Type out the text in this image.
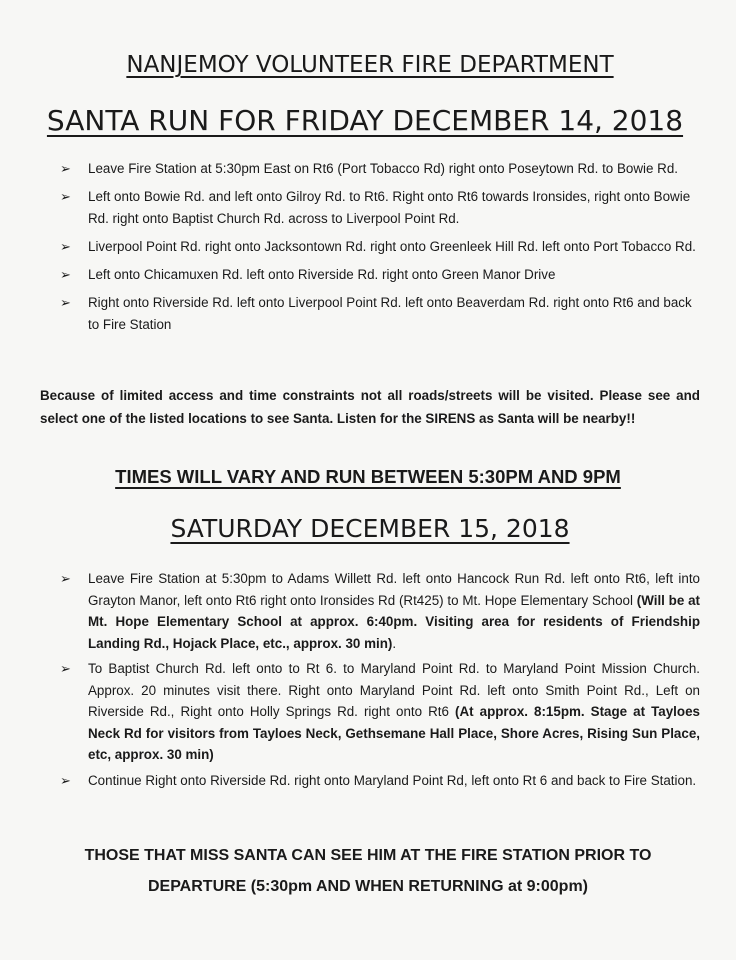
NANJEMOY VOLUNTEER FIRE DEPARTMENT
SANTA RUN FOR FRIDAY DECEMBER 14, 2018
➢ Leave Fire Station at 5:30pm East on Rt6 (Port Tobacco Rd) right onto Poseytown Rd. to Bowie Rd.
➢ Left onto Bowie Rd. and left onto Gilroy Rd. to Rt6. Right onto Rt6 towards Ironsides, right onto Bowie Rd. right onto Baptist Church Rd. across to Liverpool Point Rd.
➢ Liverpool Point Rd. right onto Jacksontown Rd. right onto Greenleek Hill Rd. left onto Port Tobacco Rd.
➢ Left onto Chicamuxen Rd. left onto Riverside Rd. right onto Green Manor Drive
➢ Right onto Riverside Rd. left onto Liverpool Point Rd. left onto Beaverdam Rd. right onto Rt6 and back to Fire Station

Because of limited access and time constraints not all roads/streets will be visited. Please see and select one of the listed locations to see Santa. Listen for the SIRENS as Santa will be nearby!!

TIMES WILL VARY AND RUN BETWEEN 5:30PM AND 9PM
SATURDAY DECEMBER 15, 2018
➢ Leave Fire Station at 5:30pm to Adams Willett Rd. left onto Hancock Run Rd. left onto Rt6, left into Grayton Manor, left onto Rt6 right onto Ironsides Rd (Rt425) to Mt. Hope Elementary School (Will be at Mt. Hope Elementary School at approx. 6:40pm. Visiting area for residents of Friendship Landing Rd., Hojack Place, etc., approx. 30 min).
➢ To Baptist Church Rd. left onto to Rt 6. to Maryland Point Rd. to Maryland Point Mission Church. Approx. 20 minutes visit there. Right onto Maryland Point Rd. left onto Smith Point Rd., Left on Riverside Rd., Right onto Holly Springs Rd. right onto Rt6 (At approx. 8:15pm. Stage at Tayloes Neck Rd for visitors from Tayloes Neck, Gethsemane Hall Place, Shore Acres, Rising Sun Place, etc, approx. 30 min)
➢ Continue Right onto Riverside Rd. right onto Maryland Point Rd, left onto Rt 6 and back to Fire Station.

THOSE THAT MISS SANTA CAN SEE HIM AT THE FIRE STATION PRIOR TO DEPARTURE (5:30pm AND WHEN RETURNING at 9:00pm)
